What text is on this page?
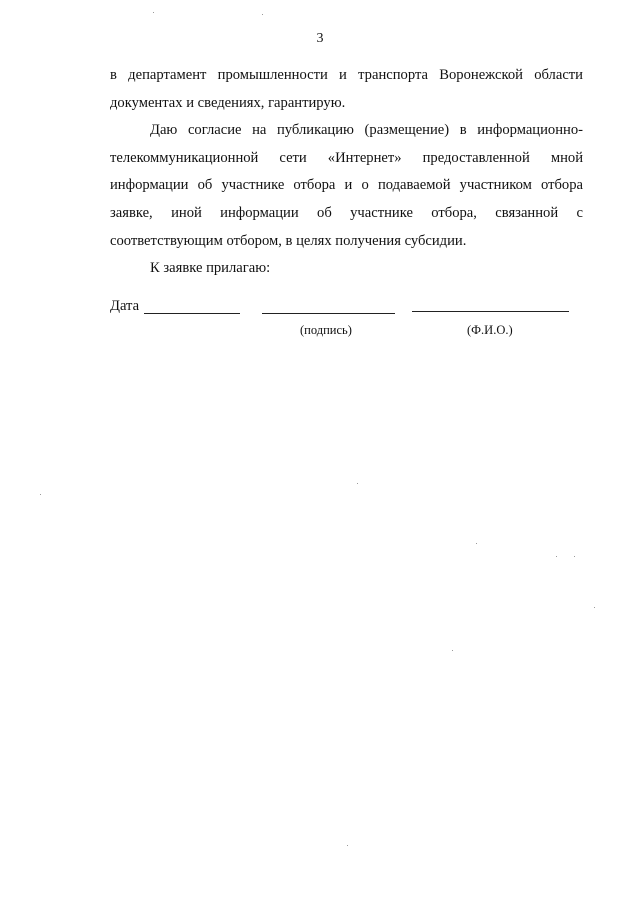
3

в департамент промышленности и транспорта Воронежской области документах и сведениях, гарантирую.

Даю согласие на публикацию (размещение) в информационно-телекоммуникационной сети «Интернет» предоставленной мной информации об участнике отбора и о подаваемой участником отбора заявке, иной информации об участнике отбора, связанной с соответствующим отбором, в целях получения субсидии.

К заявке прилагаю:

Дата
(подпись)	(Ф.И.О.)
